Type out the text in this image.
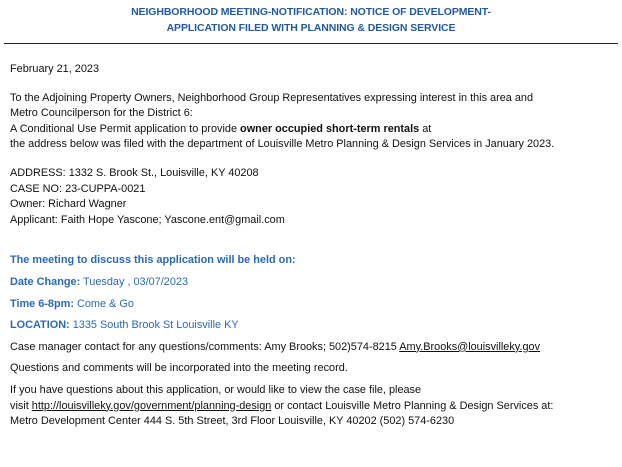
NEIGHBORHOOD MEETING-NOTIFICATION: NOTICE OF DEVELOPMENT-
APPLICATION FILED WITH PLANNING & DESIGN SERVICE
February 21, 2023
To the Adjoining Property Owners, Neighborhood Group Representatives expressing interest in this area and
Metro Councilperson for the District 6:
A Conditional Use Permit application to provide owner occupied short-term rentals at
the address below was filed with the department of Louisville Metro Planning & Design Services in January 2023.
ADDRESS: 1332 S. Brook St., Louisville, KY 40208
CASE NO: 23-CUPPA-0021
Owner: Richard Wagner
Applicant: Faith Hope Yascone; Yascone.ent@gmail.com
The meeting to discuss this application will be held on:
Date Change: Tuesday , 03/07/2023
Time 6-8pm: Come & Go
LOCATION: 1335 South Brook St Louisville KY
Case manager contact for any questions/comments: Amy Brooks; 502)574-8215 Amy.Brooks@louisvilleky.gov
Questions and comments will be incorporated into the meeting record.
If you have questions about this application, or would like to view the case file, please
visit http://louisvilleky.gov/government/planning-design or contact Louisville Metro Planning & Design Services at:
Metro Development Center 444 S. 5th Street, 3rd Floor Louisville, KY 40202 (502) 574-6230
